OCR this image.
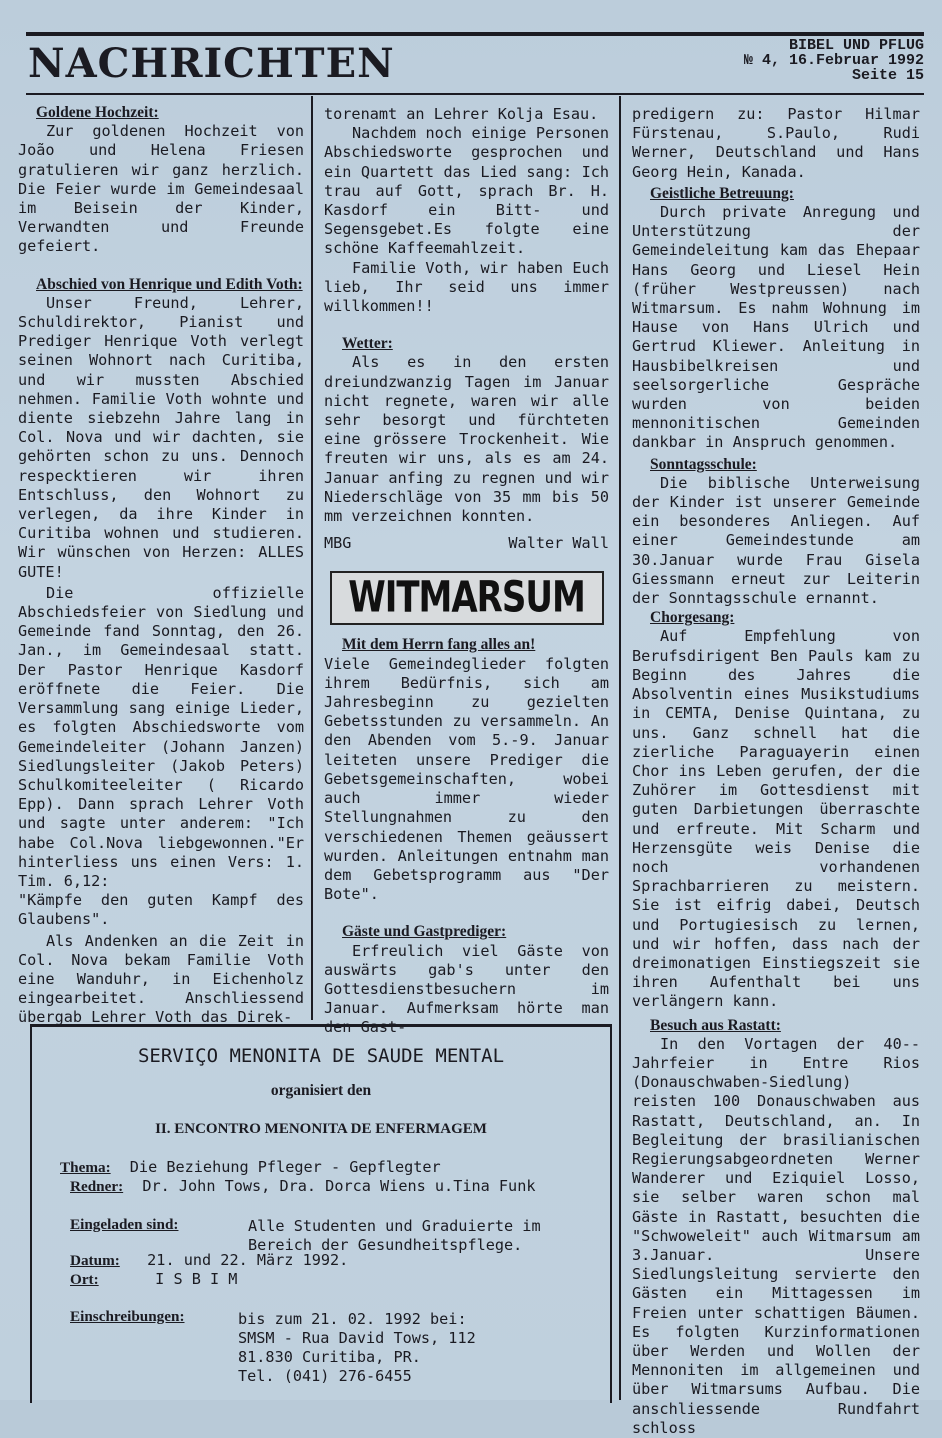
NACHRICHTEN	BIBEL UND PFLUG
№ 4, 16.Februar 1992
Seite 15

Goldene Hochzeit:

Zur goldenen Hochzeit von João und Helena Friesen gratulieren wir ganz herzlich. Die Feier wurde im Gemeindesaal im Beisein der Kinder, Verwandten und Freunde gefeiert.

Abschied von Henrique und Edith Voth:

Unser Freund, Lehrer, Schuldirektor, Pianist und Prediger Henrique Voth verlegt seinen Wohnort nach Curitiba, und wir mussten Abschied nehmen. Familie Voth wohnte und diente siebzehn Jahre lang in Col. Nova und wir dachten, sie gehörten schon zu uns. Dennoch respecktieren wir ihren Entschluss, den Wohnort zu verlegen, da ihre Kinder in Curitiba wohnen und studieren. Wir wünschen von Herzen: ALLES GUTE!

Die offizielle Abschiedsfeier von Siedlung und Gemeinde fand Sonntag, den 26. Jan., im Gemeindesaal statt. Der Pastor Henrique Kasdorf eröffnete die Feier. Die Versammlung sang einige Lieder, es folgten Abschiedsworte vom Gemeindeleiter (Johann Janzen) Siedlungsleiter (Jakob Peters) Schulkomiteeleiter ( Ricardo Epp). Dann sprach Lehrer Voth und sagte unter anderem: "Ich habe Col.Nova liebgewonnen."Er hinterliess uns einen Vers: 1. Tim. 6,12:

"Kämpfe den guten Kampf des Glaubens".

Als Andenken an die Zeit in Col. Nova bekam Familie Voth eine Wanduhr, in Eichenholz eingearbeitet. Anschliessend übergab Lehrer Voth das Direk-

torenamt an Lehrer Kolja Esau.

Nachdem noch einige Personen Abschiedsworte gesprochen und ein Quartett das Lied sang: Ich trau auf Gott, sprach Br. H. Kasdorf ein Bitt- und Segensgebet.Es folgte eine schöne Kaffeemahlzeit.

Familie Voth, wir haben Euch lieb, Ihr seid uns immer willkommen!!

Wetter:

Als es in den ersten dreiundzwanzig Tagen im Januar nicht regnete, waren wir alle sehr besorgt und fürchteten eine grössere Trockenheit. Wie freuten wir uns, als es am 24. Januar anfing zu regnen und wir Niederschläge von 35 mm bis 50 mm verzeichnen konnten.

MBG	Walter Wall
WITMARSUM

Mit dem Herrn fang alles an!

Viele Gemeindeglieder folgten ihrem Bedürfnis, sich am Jahresbeginn zu gezielten Gebetsstunden zu versammeln. An den Abenden vom 5.-9. Januar leiteten unsere Prediger die Gebetsgemeinschaften, wobei auch immer wieder Stellungnahmen zu den verschiedenen Themen geäussert wurden. Anleitungen entnahm man dem Gebetsprogramm aus "Der Bote".

Gäste und Gastprediger:

Erfreulich viel Gäste von auswärts gab's unter den Gottesdienstbesuchern im Januar. Aufmerksam hörte man den Gast-

predigern zu: Pastor Hilmar Fürstenau, S.Paulo, Rudi Werner, Deutschland und Hans Georg Hein, Kanada.

Geistliche Betreuung:

Durch private Anregung und Unterstützung der Gemeindeleitung kam das Ehepaar Hans Georg und Liesel Hein (früher Westpreussen) nach Witmarsum. Es nahm Wohnung im Hause von Hans Ulrich und Gertrud Kliewer. Anleitung in Hausbibelkreisen und seelsorgerliche Gespräche wurden von beiden mennonitischen Gemeinden dankbar in Anspruch genommen.

Sonntagsschule:

Die biblische Unterweisung der Kinder ist unserer Gemeinde ein besonderes Anliegen. Auf einer Gemeindestunde am 30.Januar wurde Frau Gisela Giessmann erneut zur Leiterin der Sonntagsschule ernannt.

Chorgesang:

Auf Empfehlung von Berufsdirigent Ben Pauls kam zu Beginn des Jahres die Absolventin eines Musikstudiums in CEMTA, Denise Quintana, zu uns. Ganz schnell hat die zierliche Paraguayerin einen Chor ins Leben gerufen, der die Zuhörer im Gottesdienst mit guten Darbietungen überraschte und erfreute. Mit Scharm und Herzensgüte weis Denise die noch vorhandenen Sprachbarrieren zu meistern. Sie ist eifrig dabei, Deutsch und Portugiesisch zu lernen, und wir hoffen, dass nach der dreimonatigen Einstiegszeit sie ihren Aufenthalt bei uns verlängern kann.

Besuch aus Rastatt:

In den Vortagen der 40--Jahrfeier in Entre Rios (Donauschwaben-Siedlung) reisten 100 Donauschwaben aus Rastatt, Deutschland, an. In Begleitung der brasilianischen Regierungsabgeordneten Werner Wanderer und Eziquiel Losso, sie selber waren schon mal Gäste in Rastatt, besuchten die "Schwoweleit" auch Witmarsum am 3.Januar. Unsere Siedlungsleitung servierte den Gästen ein Mittagessen im Freien unter schattigen Bäumen. Es folgten Kurzinformationen über Werden und Wollen der Mennoniten im allgemeinen und über Witmarsums Aufbau. Die anschliessende Rundfahrt schloss

SERVIÇO MENONITA DE SAUDE MENTAL
organisiert den
II. ENCONTRO MENONITA DE ENFERMAGEM
Thema: Die Beziehung Pfleger - Gepflegter
Redner: Dr. John Tows, Dra. Dorca Wiens u.Tina Funk
Eingeladen sind:	Alle Studenten und Graduierte im
Bereich der Gesundheitspflege.
Datum: 21. und 22. März 1992.
Ort:	I S B I M
Einschreibungen:	bis zum 21. 02. 1992 bei:
SMSM - Rua David Tows, 112
81.830 Curitiba, PR.
Tel. (041) 276-6455
